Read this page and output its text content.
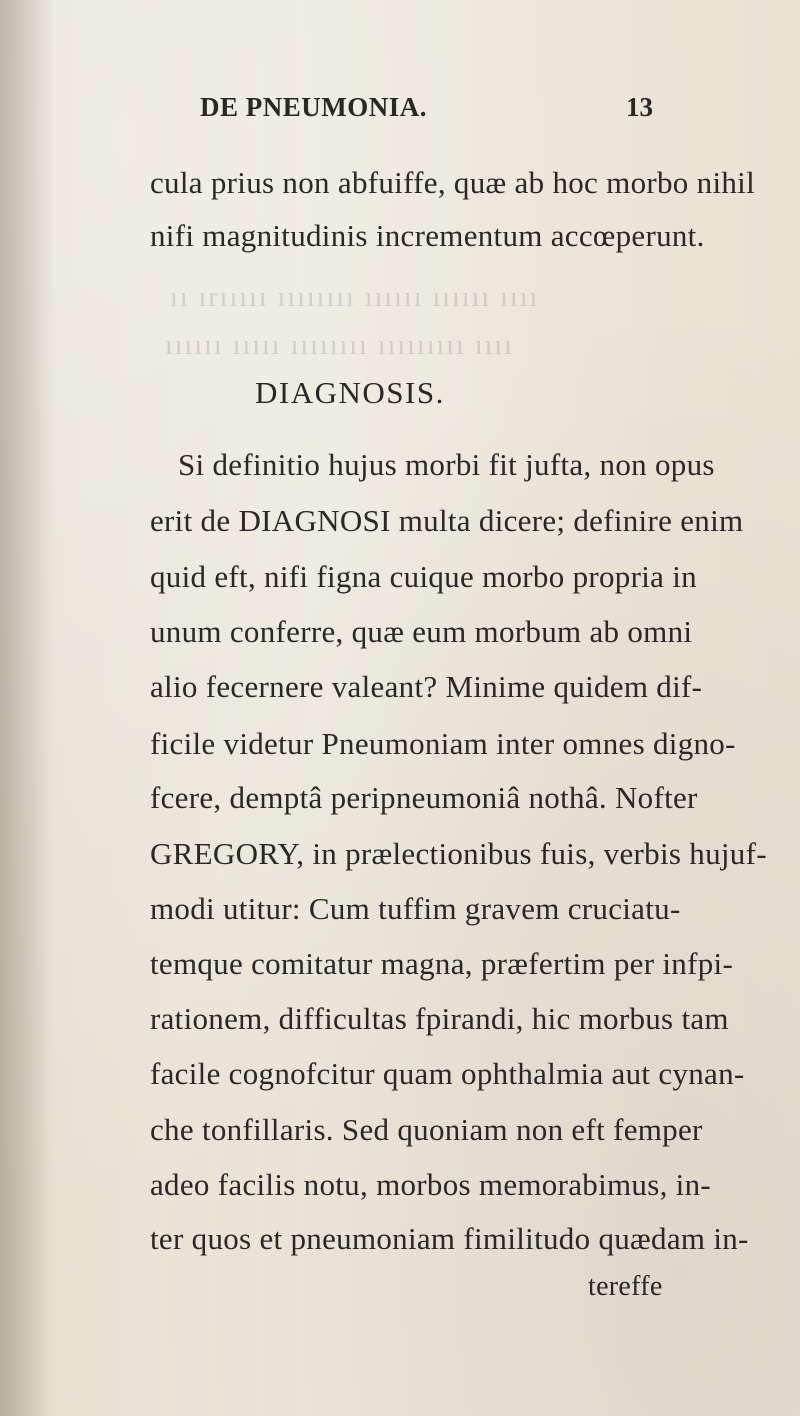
DE PNEUMONIA.	13
cula prius non abfuiffe, quæ ab hoc morbo nihil
nifi magnitudinis incrementum accœperunt.
ıı ırııııı ıııııııı ıııııı ıııııı ıııı
ıııııı ııııı ıııııııı ııııııııı ıııı
DIAGNOSIS.
Si definitio hujus morbi fit jufta, non opus
erit de DIAGNOSI multa dicere; definire enim
quid eft, nifi figna cuique morbo propria in
unum conferre, quæ eum morbum ab omni
alio fecernere valeant? Minime quidem dif-
ficile videtur Pneumoniam inter omnes digno-
fcere, demptâ peripneumoniâ nothâ. Nofter
GREGORY, in prælectionibus fuis, verbis hujuf-
modi utitur: Cum tuffim gravem cruciatu-
temque comitatur magna, præfertim per infpi-
rationem, difficultas fpirandi, hic morbus tam
facile cognofcitur quam ophthalmia aut cynan-
che tonfillaris. Sed quoniam non eft femper
adeo facilis notu, morbos memorabimus, in-
ter quos et pneumoniam fimilitudo quædam in-
tereffe
